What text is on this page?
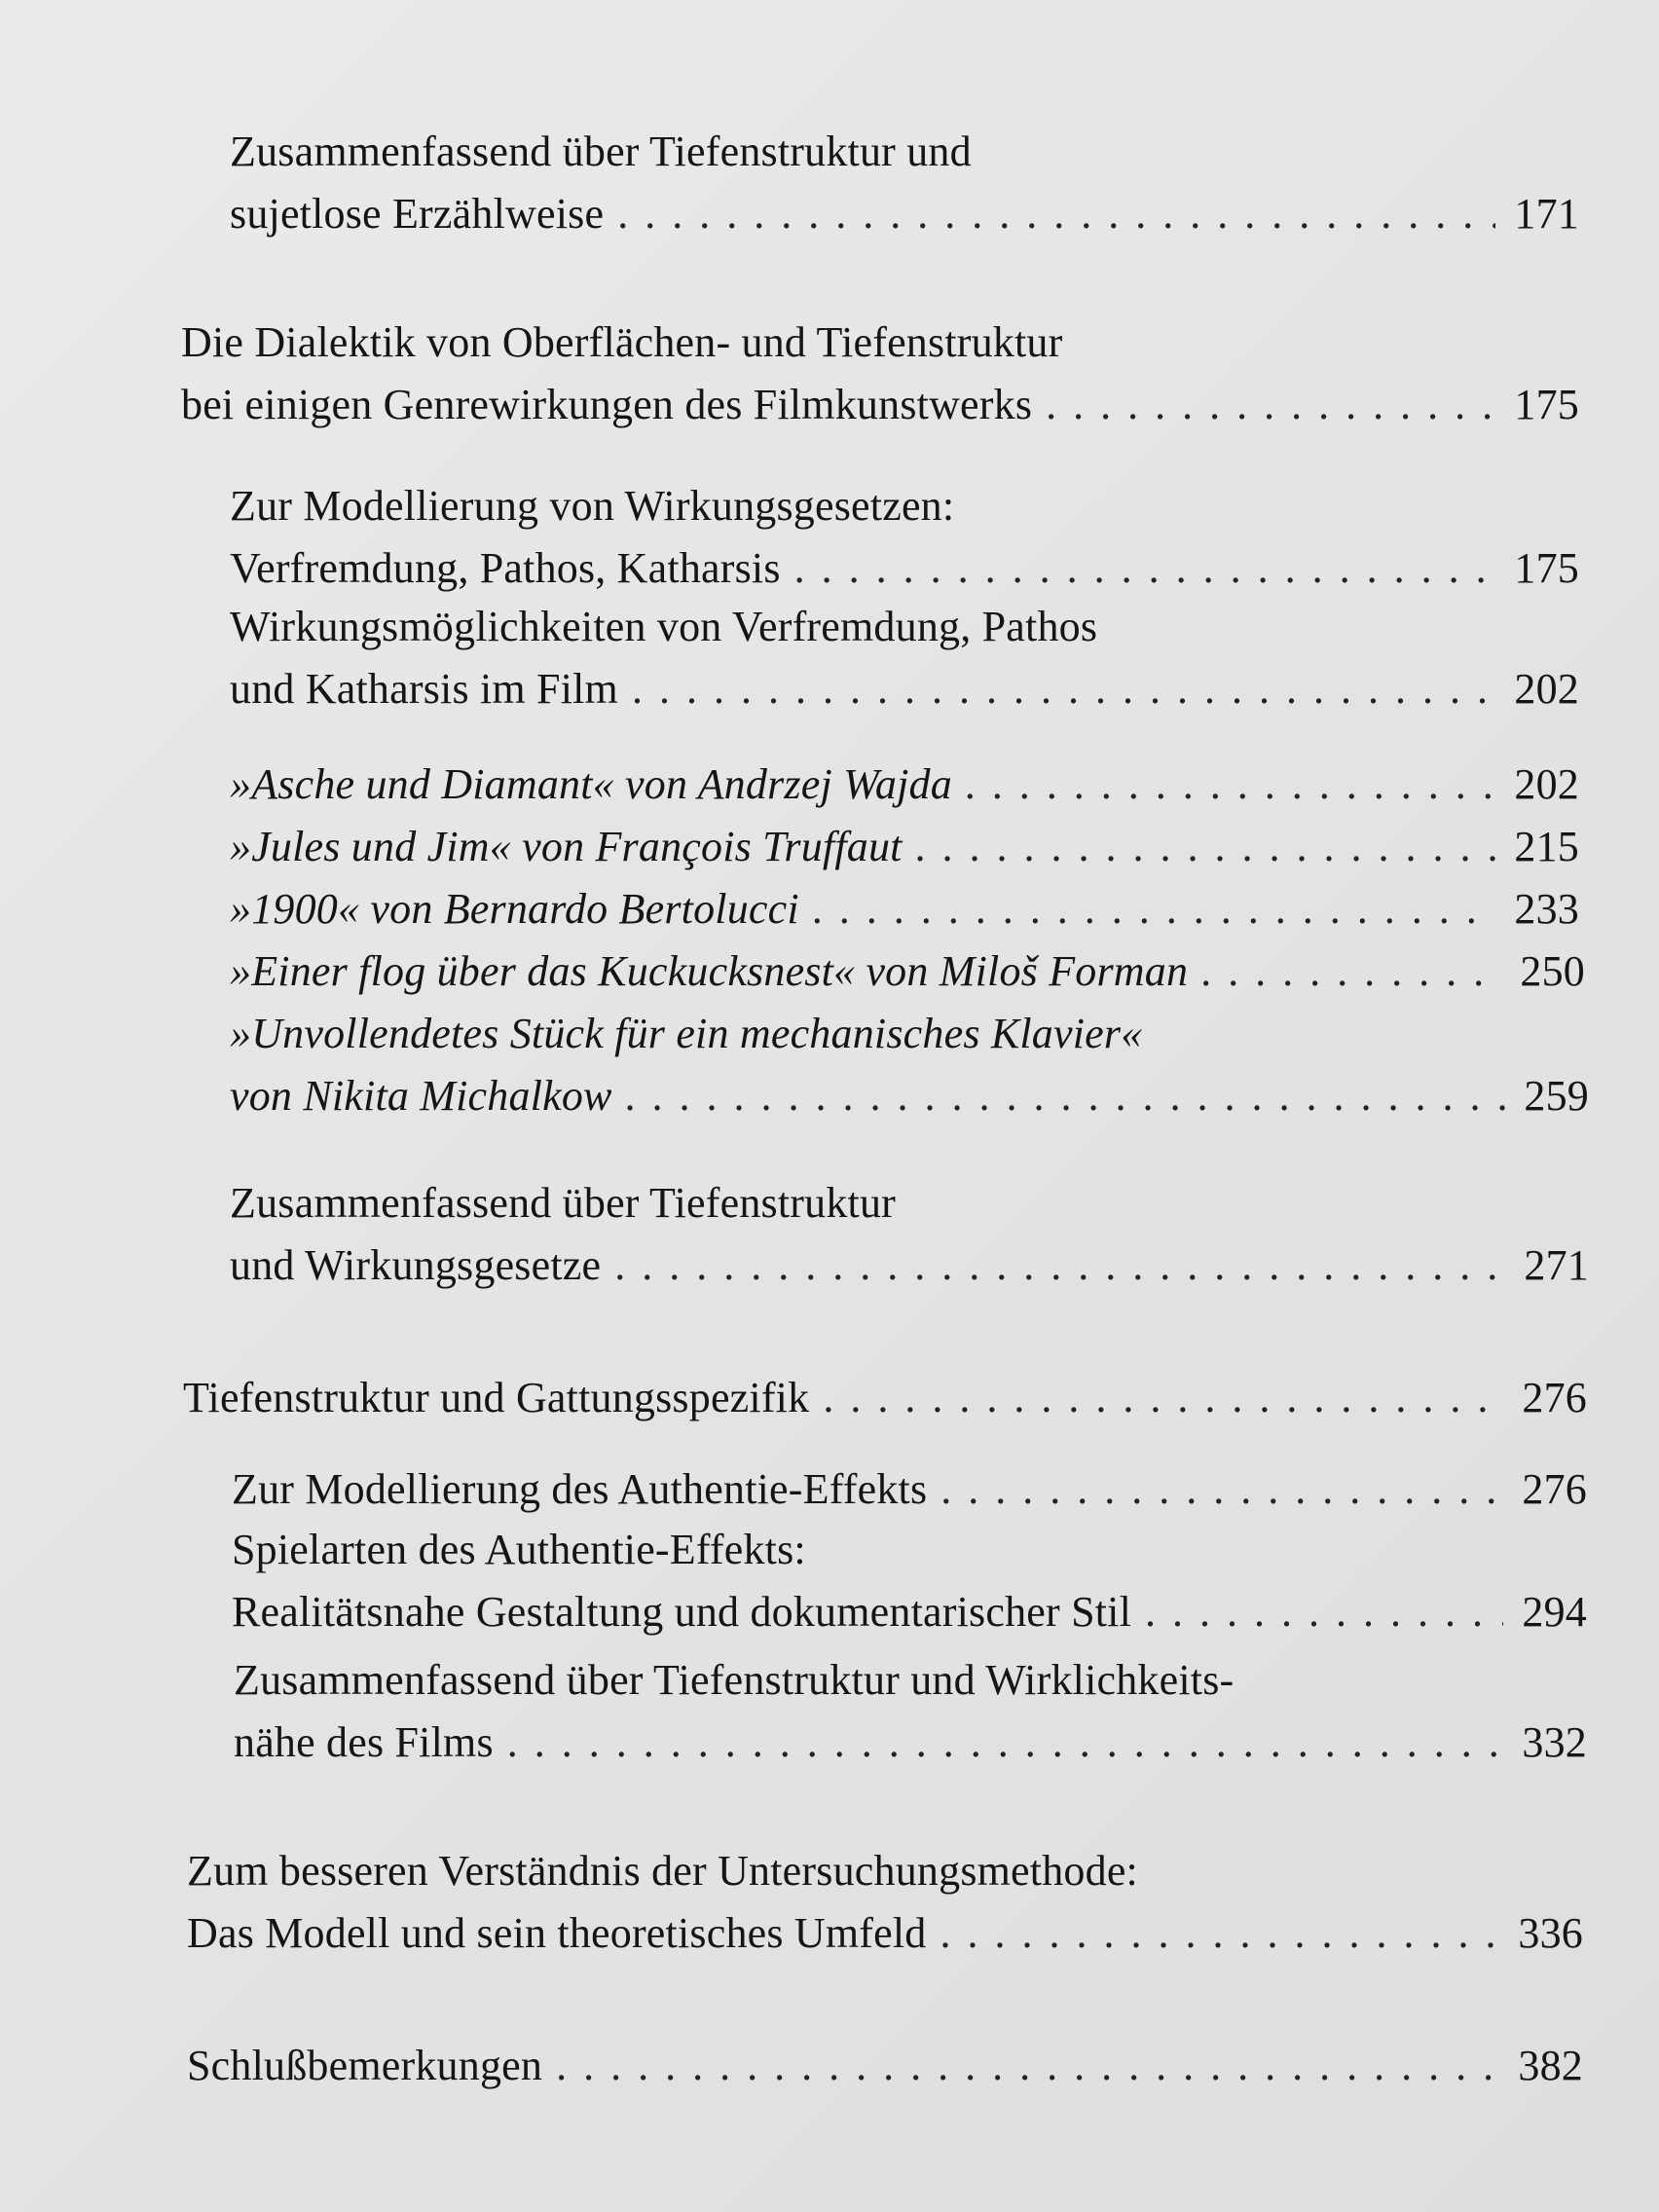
Zusammenfassend über Tiefenstruktur und
sujetlose Erzählweise . . .	171
Die Dialektik von Oberflächen- und Tiefenstruktur
bei einigen Genrewirkungen des Filmkunstwerks . . .	175
Zur Modellierung von Wirkungsgesetzen:
Verfremdung, Pathos, Katharsis . . .	175
Wirkungsmöglichkeiten von Verfremdung, Pathos
und Katharsis im Film . . .	202
»Asche und Diamant« von Andrzej Wajda . . .	202
»Jules und Jim« von François Truffaut . . .	215
»1900« von Bernardo Bertolucci . . .	233
»Einer flog über das Kuckucksnest« von Miloš Forman . . .	250
»Unvollendetes Stück für ein mechanisches Klavier«
von Nikita Michalkow . . .	259
Zusammenfassend über Tiefenstruktur
und Wirkungsgesetze . . .	271
Tiefenstruktur und Gattungsspezifik . . .	276
Zur Modellierung des Authentie-Effekts . . .	276
Spielarten des Authentie-Effekts:
Realitätsnahe Gestaltung und dokumentarischer Stil . . .	294
Zusammenfassend über Tiefenstruktur und Wirklichkeits-
nähe des Films . . .	332
Zum besseren Verständnis der Untersuchungsmethode:
Das Modell und sein theoretisches Umfeld . . .	336
Schlußbemerkungen . . .	382
